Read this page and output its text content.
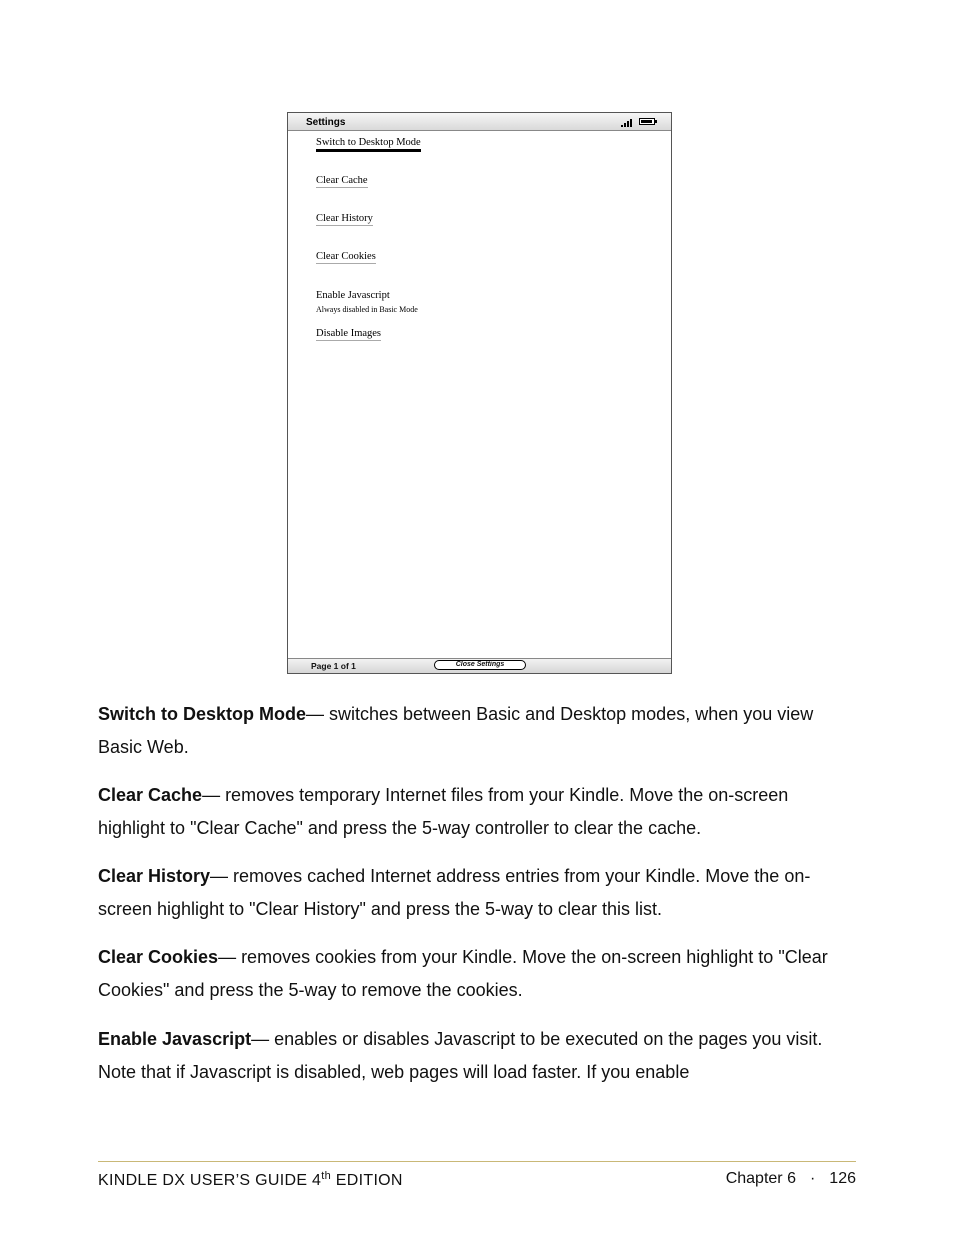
Settings
Switch to Desktop Mode
Clear Cache
Clear History
Clear Cookies
Enable Javascript
Always disabled in Basic Mode
Disable Images
Page 1 of 1	Close Settings
Switch to Desktop Mode— switches between Basic and Desktop modes, when you view Basic Web.
Clear Cache— removes temporary Internet files from your Kindle. Move the on-screen highlight to "Clear Cache" and press the 5-way controller to clear the cache.
Clear History— removes cached Internet address entries from your Kindle. Move the on-screen highlight to "Clear History" and press the 5-way to clear this list.
Clear Cookies— removes cookies from your Kindle. Move the on-screen highlight to "Clear Cookies" and press the 5-way to remove the cookies.
Enable Javascript— enables or disables Javascript to be executed on the pages you visit. Note that if Javascript is disabled, web pages will load faster. If you enable
KINDLE DX USER’S GUIDE 4th EDITION	Chapter 6 · 126
